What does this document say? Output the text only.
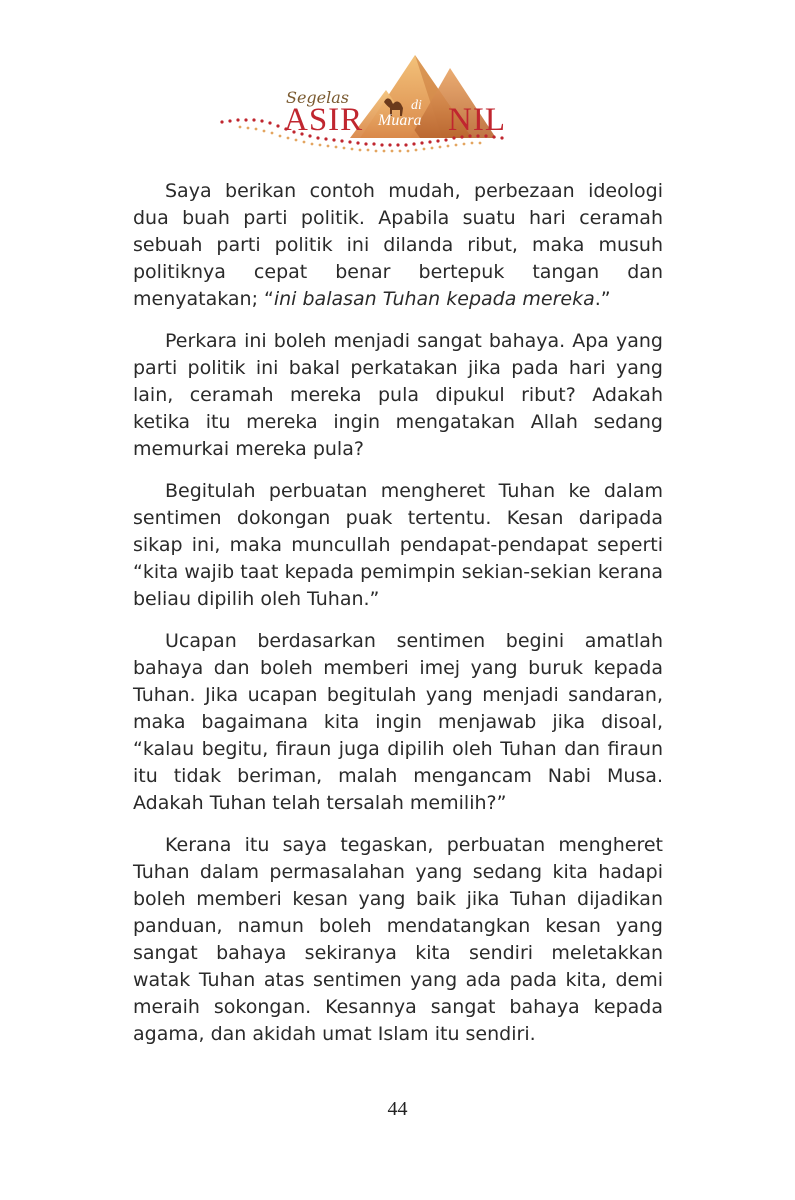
Segelas
ASIR	di
Muara NIL

Saya berikan contoh mudah, perbezaan ideologi dua buah parti politik. Apabila suatu hari ceramah sebuah parti politik ini dilanda ribut, maka musuh politiknya cepat benar bertepuk tangan dan menyatakan; “ini balasan Tuhan kepada mereka.”

Perkara ini boleh menjadi sangat bahaya. Apa yang parti politik ini bakal perkatakan jika pada hari yang lain, ceramah mereka pula dipukul ribut? Adakah ketika itu mereka ingin mengatakan Allah sedang memurkai mereka pula?

Begitulah perbuatan mengheret Tuhan ke dalam sentimen dokongan puak tertentu. Kesan daripada sikap ini, maka muncullah pendapat-pendapat seperti “kita wajib taat kepada pemimpin sekian-sekian kerana beliau dipilih oleh Tuhan.”

Ucapan berdasarkan sentimen begini amatlah bahaya dan boleh memberi imej yang buruk kepada Tuhan. Jika ucapan begitulah yang menjadi sandaran, maka bagaimana kita ingin menjawab jika disoal, “kalau begitu, firaun juga dipilih oleh Tuhan dan firaun itu tidak beriman, malah mengancam Nabi Musa. Adakah Tuhan telah tersalah memilih?”

Kerana itu saya tegaskan, perbuatan mengheret Tuhan dalam permasalahan yang sedang kita hadapi boleh memberi kesan yang baik jika Tuhan dijadikan panduan, namun boleh mendatangkan kesan yang sangat bahaya sekiranya kita sendiri meletakkan watak Tuhan atas sentimen yang ada pada kita, demi meraih sokongan. Kesannya sangat bahaya kepada agama, dan akidah umat Islam itu sendiri.

44
